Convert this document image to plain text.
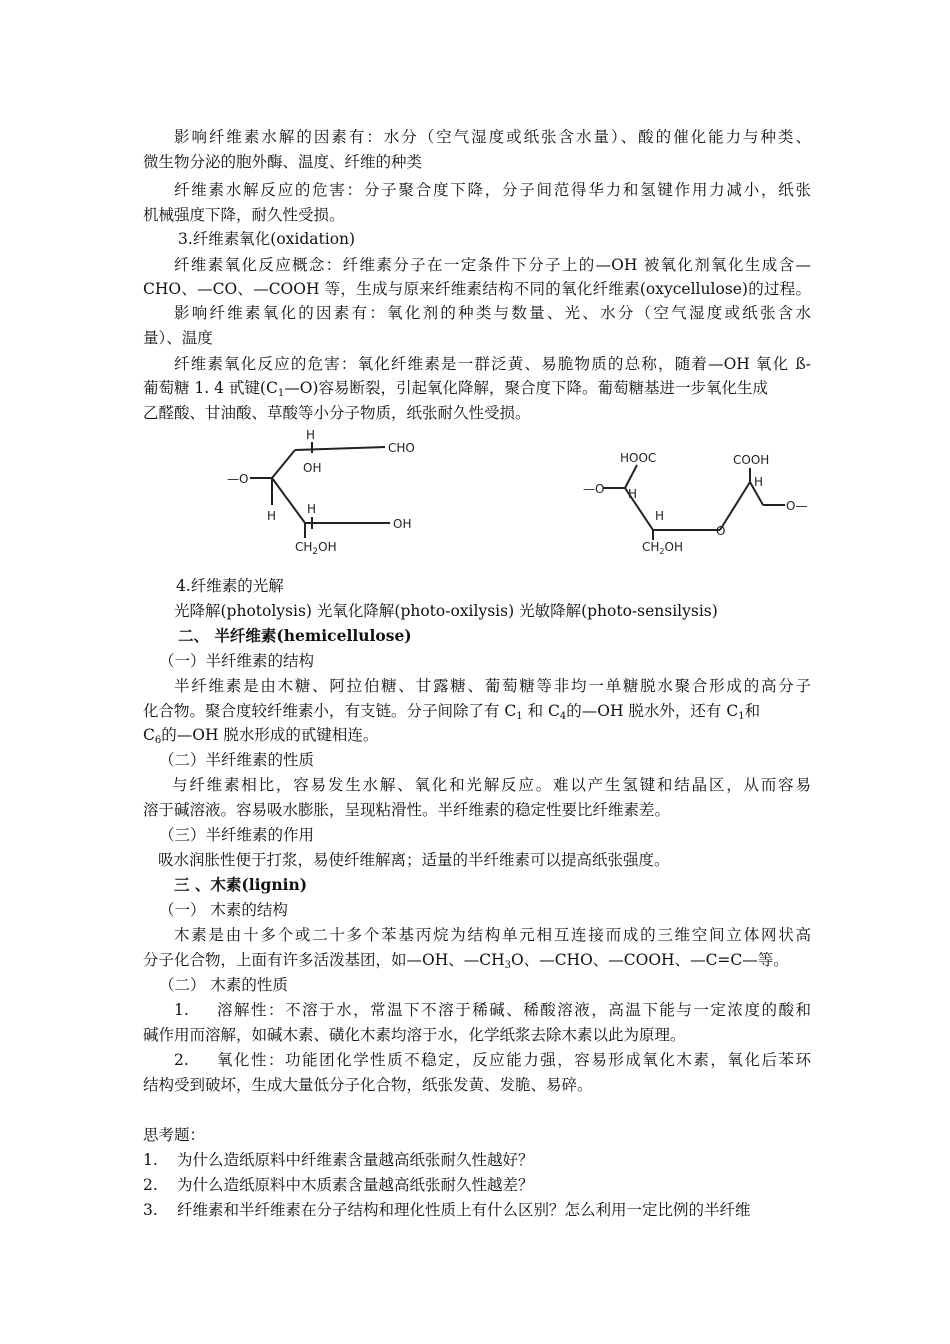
影响纤维素水解的因素有：水分（空气湿度或纸张含水量）、酸的催化能力与种类、
微生物分泌的胞外酶、温度、纤维的种类
纤维素水解反应的危害：分子聚合度下降，分子间范得华力和氢键作用力减小，纸张
机械强度下降，耐久性受损。
3.纤维素氧化(oxidation)
纤维素氧化反应概念：纤维素分子在一定条件下分子上的—OH 被氧化剂氧化生成含—
CHO、—CO、—COOH 等，生成与原来纤维素结构不同的氧化纤维素(oxycellulose)的过程。
影响纤维素氧化的因素有：氧化剂的种类与数量、光、水分（空气湿度或纸张含水
量）、温度
纤维素氧化反应的危害：氧化纤维素是一群泛黄、易脆物质的总称，随着—OH 氧化 ß-
葡萄糖 1. 4 甙键$(C_1—O)$容易断裂，引起氧化降解，聚合度下降。葡萄糖基进一步氧化生成
乙醛酸、甘油酸、草酸等小分子物质，纸张耐久性受损。
H
CHO
OH
—O
H	H
OH
$CH_2OH$
HOOC	COOH
—O H
H
H
O—
O
$CH_2OH$
4.纤维素的光解
光降解(photolysis) 光氧化降解(photo-oxilysis) 光敏降解(photo-sensilysis)
二、 半纤维素(hemicellulose)
（一）半纤维素的结构
半纤维素是由木糖、阿拉伯糖、甘露糖、葡萄糖等非均一单糖脱水聚合形成的高分子
化合物。聚合度较纤维素小，有支链。分子间除了有 $C_1$ 和 $C_4$的—OH 脱水外，还有 $C_1$和
$C_6$的—OH 脱水形成的甙键相连。
（二）半纤维素的性质
与纤维素相比，容易发生水解、氧化和光解反应。难以产生氢键和结晶区，从而容易
溶于碱溶液。容易吸水膨胀，呈现粘滑性。半纤维素的稳定性要比纤维素差。
（三）半纤维素的作用
吸水润胀性便于打浆，易使纤维解离；适量的半纤维素可以提高纸张强度。
三 、木素(lignin)
（一） 木素的结构
木素是由十多个或二十多个苯基丙烷为结构单元相互连接而成的三维空间立体网状高
分子化合物，上面有许多活泼基团，如—OH、$—CH_3O$、—CHO、—COOH、—C=C—等。
（二） 木素的性质
1.	溶解性：不溶于水，常温下不溶于稀碱、稀酸溶液，高温下能与一定浓度的酸和
碱作用而溶解，如碱木素、磺化木素均溶于水，化学纸浆去除木素以此为原理。
2.	氧化性：功能团化学性质不稳定，反应能力强，容易形成氧化木素，氧化后苯环
结构受到破坏，生成大量低分子化合物，纸张发黄、发脆、易碎。
思考题：
1. 为什么造纸原料中纤维素含量越高纸张耐久性越好？
2. 为什么造纸原料中木质素含量越高纸张耐久性越差？
3. 纤维素和半纤维素在分子结构和理化性质上有什么区别？怎么利用一定比例的半纤维
